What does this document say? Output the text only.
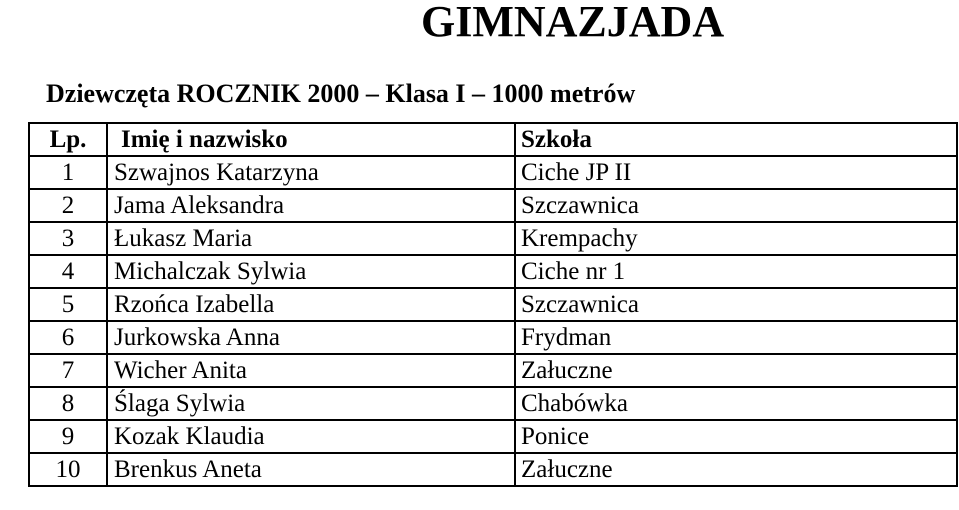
GIMNAZJADA
Dziewczęta ROCZNIK 2000 – Klasa I – 1000 metrów
Lp.	Imię i nazwisko	Szkoła
1	Szwajnos Katarzyna	Ciche JP II
2	Jama Aleksandra	Szczawnica
3	Łukasz Maria	Krempachy
4	Michalczak Sylwia	Ciche nr 1
5	Rzońca Izabella	Szczawnica
6	Jurkowska Anna	Frydman
7	Wicher Anita	Załuczne
8	Ślaga Sylwia	Chabówka
9	Kozak Klaudia	Ponice
10	Brenkus Aneta	Załuczne
